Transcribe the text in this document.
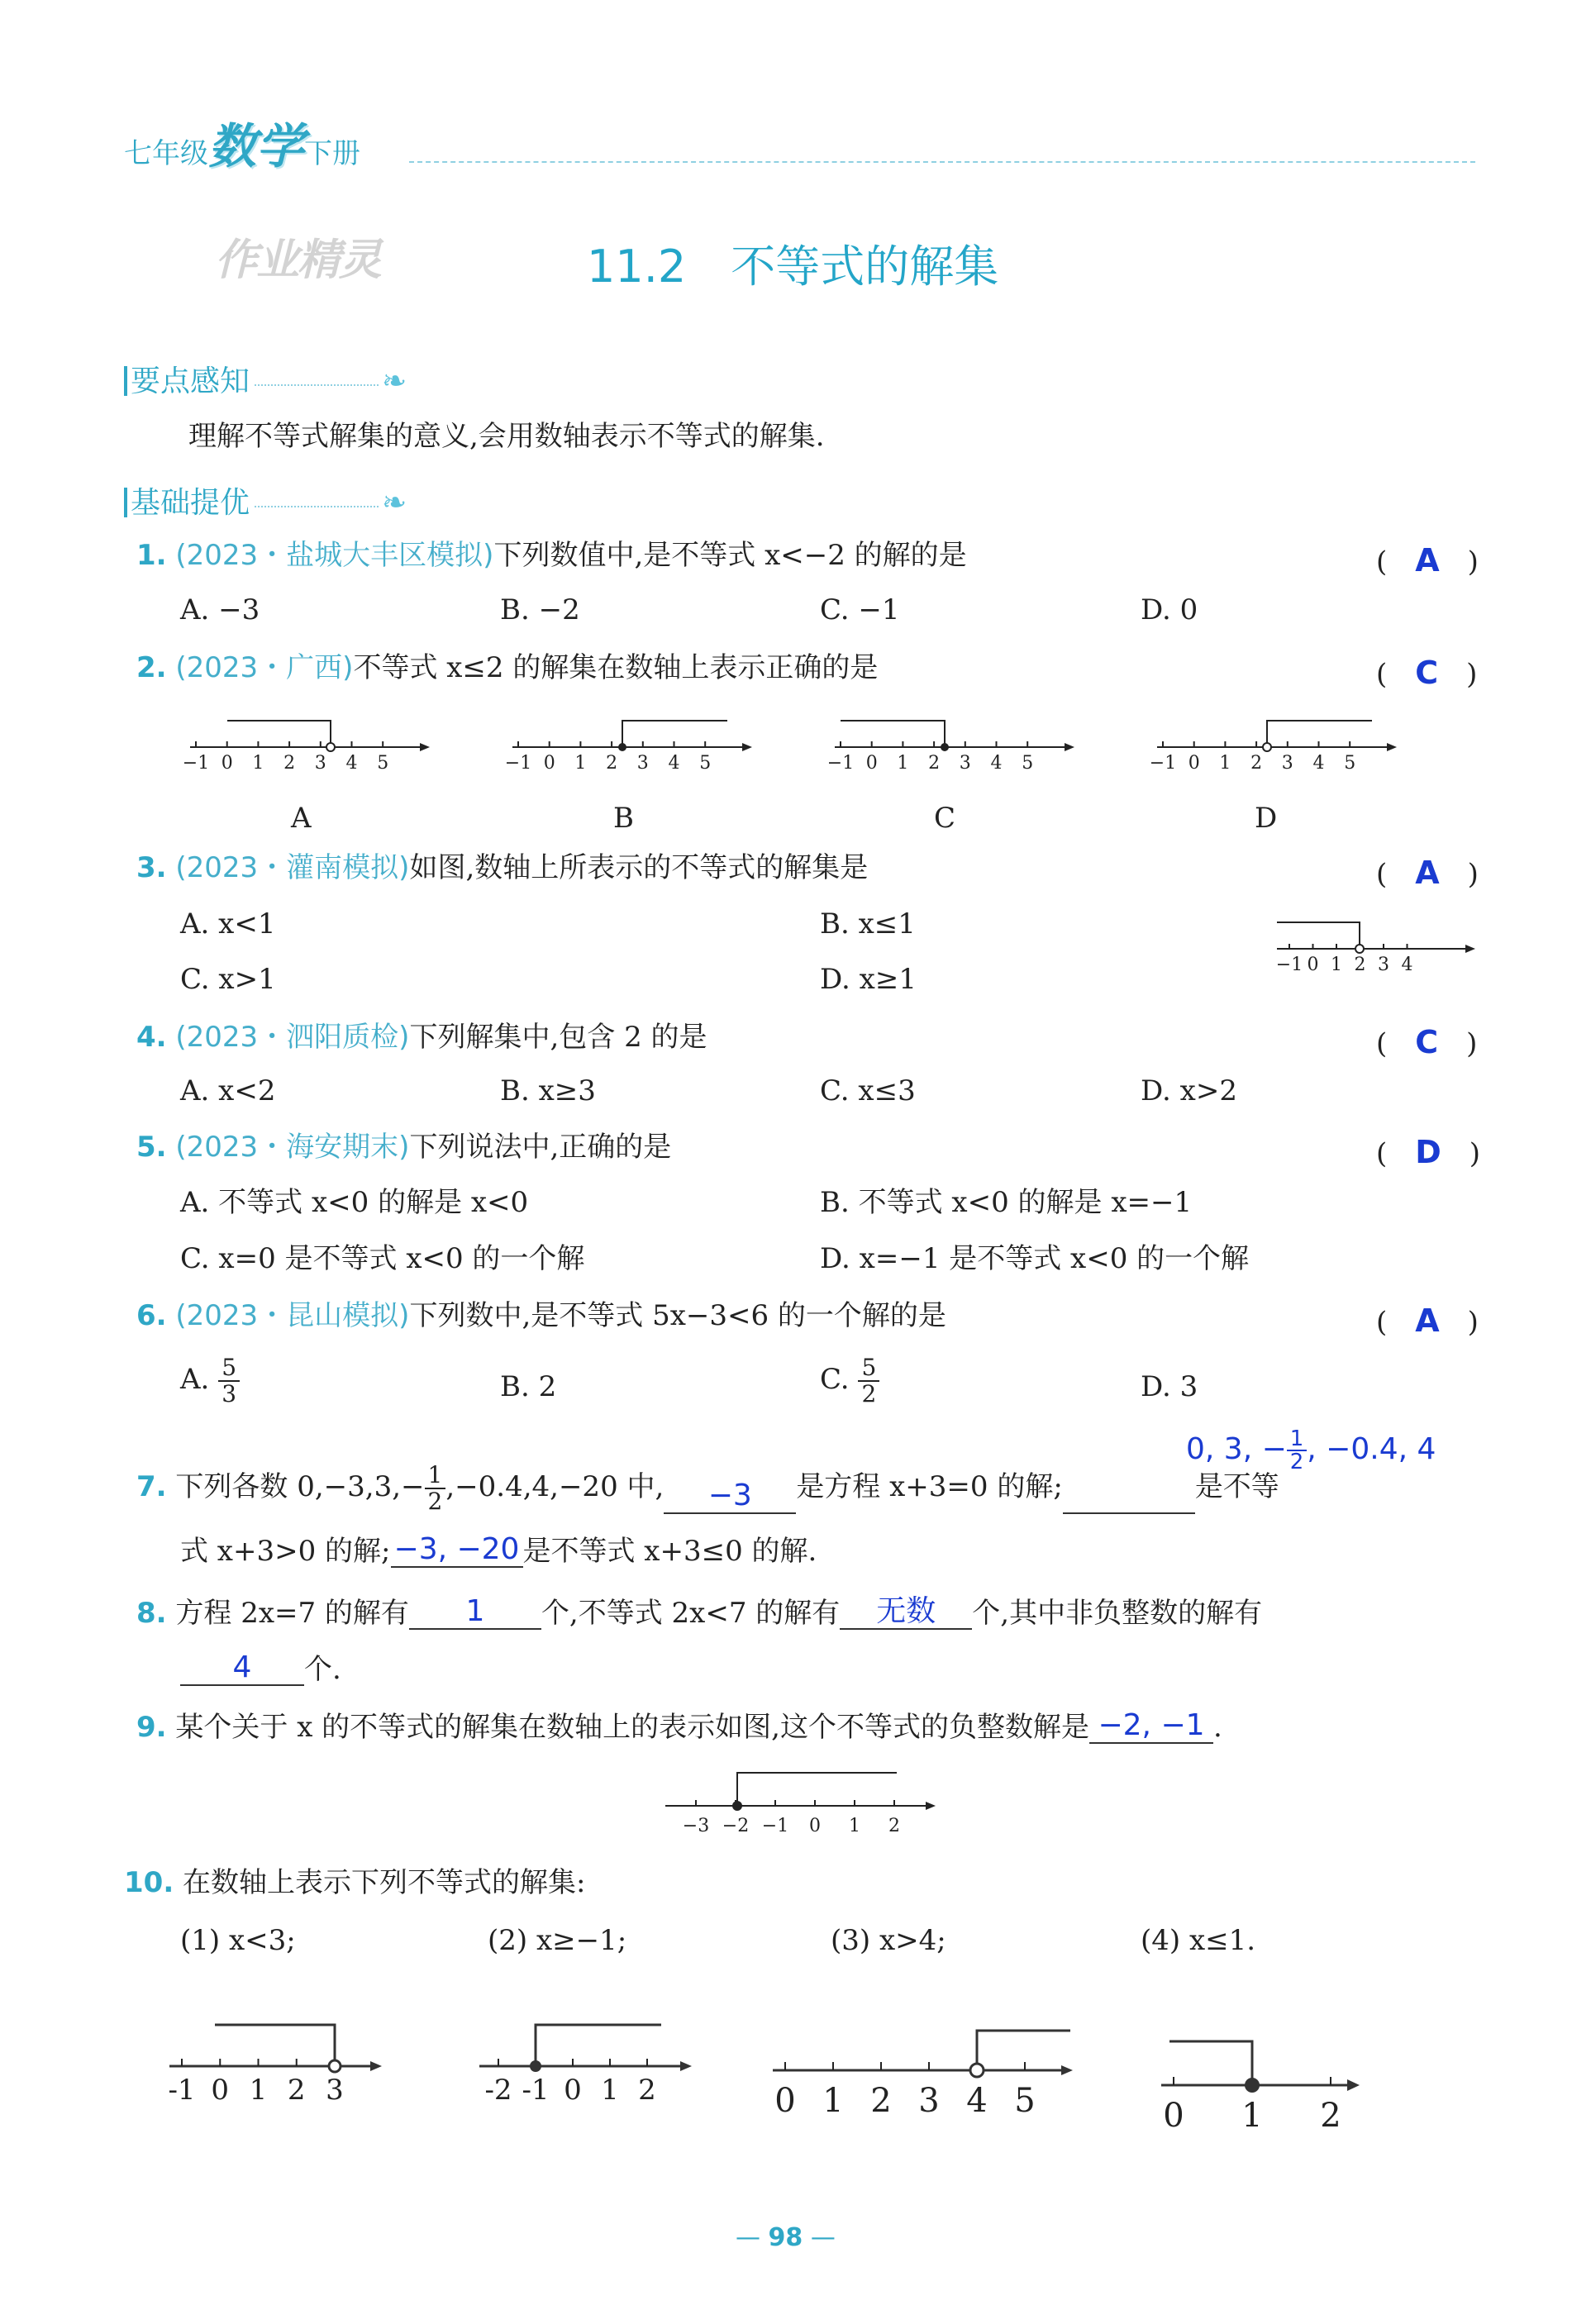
七年级数学下册
作业精灵	11.2　不等式的解集
要点感知	❧
理解不等式解集的意义,会用数轴表示不等式的解集.
基础提优	❧
1. (2023・盐城大丰区模拟)下列数值中,是不等式 x<−2 的解的是	(　A　)
A. −3	B. −2	C. −1	D. 0
2. (2023・广西)不等式 x≤2 的解集在数轴上表示正确的是	(　C　)
−1 0 1 2 3 4 5	−1 0 1 2 3 4 5	−1 0 1 2 3 4 5	−1 0 1 2 3 4 5
A	B	C	D
3. (2023・灌南模拟)如图,数轴上所表示的不等式的解集是	(　A　)
A. x<1	B. x≤1
C. x>1	D. x≥1	−1 0 1 2 3 4
4. (2023・泗阳质检)下列解集中,包含 2 的是	(　C　)
A. x<2	B. x≥3	C. x≤3	D. x>2
5. (2023・海安期末)下列说法中,正确的是	(　D　)
A. 不等式 x<0 的解是 x<0	B. 不等式 x<0 的解是 x=−1
C. x=0 是不等式 x<0 的一个解	D. x=−1 是不等式 x<0 的一个解
6. (2023・昆山模拟)下列数中,是不等式 5x−3<6 的一个解的是	(　A　)
A. $\frac{5}{3}$	B. 2	C. $\frac{5}{2}$	D. 3
0, 3, − $\frac{1}{2}$ , −0.4, 4
7. 下列各数 $0,-3,3,- \frac{1}{2} ,-0.4,4,-20$ 中, −3 是方程 x+3=0 的解;	是不等
式 x+3>0 的解; −3, −20 是不等式 x+3≤0 的解.
8. 方程 2x=7 的解有 1 个,不等式 2x<7 的解有 无数 个,其中非负整数的解有
4 个.
9. 某个关于 x 的不等式的解集在数轴上的表示如图,这个不等式的负整数解是 −2, −1 .
−3 −2 −1 0 1 2
10. 在数轴上表示下列不等式的解集:
(1) x<3;	(2) x≥−1;	(3) x>4;	(4) x≤1.
-1 0 1 2 3	-2 -1 0 1 2	0 1 2 3 4 5	0 1 2
— 98 —
